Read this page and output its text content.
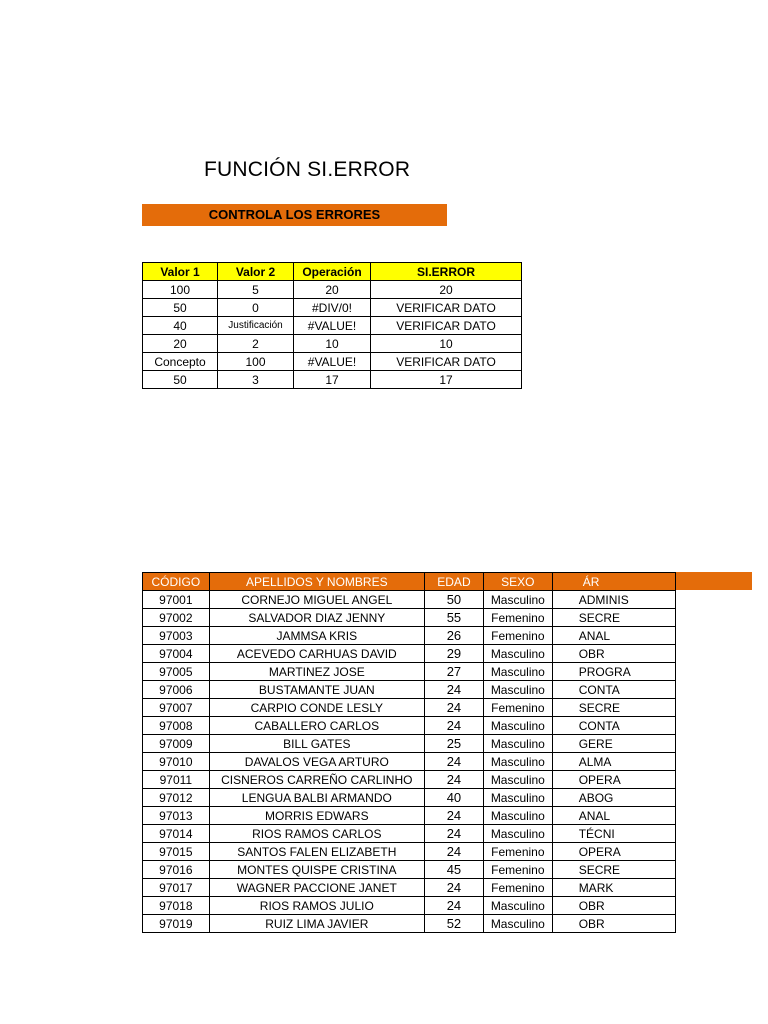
FUNCIÓN SI.ERROR
CONTROLA LOS ERRORES
Valor 1	Valor 2	Operación	SI.ERROR
100	5	20	20
50	0	#DIV/0!	VERIFICAR DATO
40	Justificación	#VALUE!	VERIFICAR DATO
20	2	10	10
Concepto	100	#VALUE!	VERIFICAR DATO
50	3	17	17
CÓDIGO	APELLIDOS Y NOMBRES	EDAD	SEXO	ÁR
97001	CORNEJO MIGUEL ANGEL	50	Masculino	ADMINIS
97002	SALVADOR DIAZ JENNY	55	Femenino	SECRE
97003	JAMMSA KRIS	26	Femenino	ANAL
97004	ACEVEDO CARHUAS DAVID	29	Masculino	OBR
97005	MARTINEZ JOSE	27	Masculino	PROGRA
97006	BUSTAMANTE JUAN	24	Masculino	CONTA
97007	CARPIO CONDE LESLY	24	Femenino	SECRE
97008	CABALLERO CARLOS	24	Masculino	CONTA
97009	BILL GATES	25	Masculino	GERE
97010	DAVALOS VEGA ARTURO	24	Masculino	ALMA
97011	CISNEROS CARREÑO CARLINHO	24	Masculino	OPERA
97012	LENGUA BALBI ARMANDO	40	Masculino	ABOG
97013	MORRIS EDWARS	24	Masculino	ANAL
97014	RIOS RAMOS CARLOS	24	Masculino	TÉCNI
97015	SANTOS FALEN ELIZABETH	24	Femenino	OPERA
97016	MONTES QUISPE CRISTINA	45	Femenino	SECRE
97017	WAGNER PACCIONE JANET	24	Femenino	MARK
97018	RIOS RAMOS JULIO	24	Masculino	OBR
97019	RUIZ LIMA JAVIER	52	Masculino	OBR
